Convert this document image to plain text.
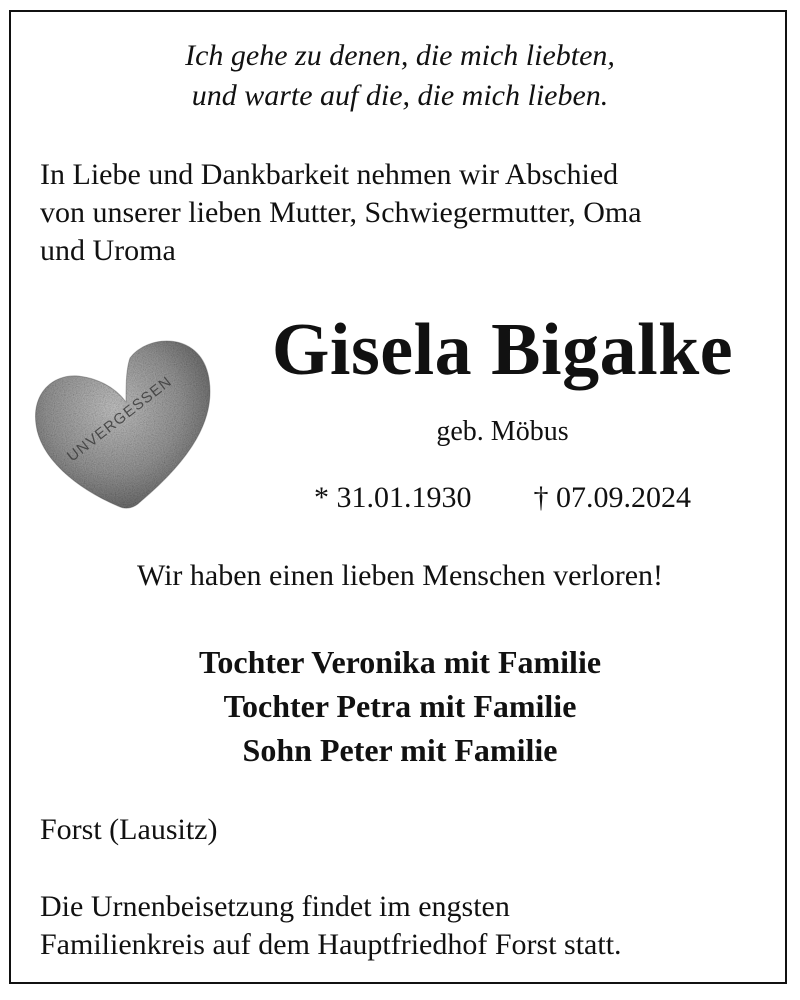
Ich gehe zu denen, die mich liebten,
und warte auf die, die mich lieben.
In Liebe und Dankbarkeit nehmen wir Abschied
von unserer lieben Mutter, Schwiegermutter, Oma
und Uroma
UNVERGESSEN
Gisela Bigalke
geb. Möbus
* 31.01.1930 † 07.09.2024
Wir haben einen lieben Menschen verloren!
Tochter Veronika mit Familie
Tochter Petra mit Familie
Sohn Peter mit Familie
Forst (Lausitz)
Die Urnenbeisetzung findet im engsten
Familienkreis auf dem Hauptfriedhof Forst statt.
